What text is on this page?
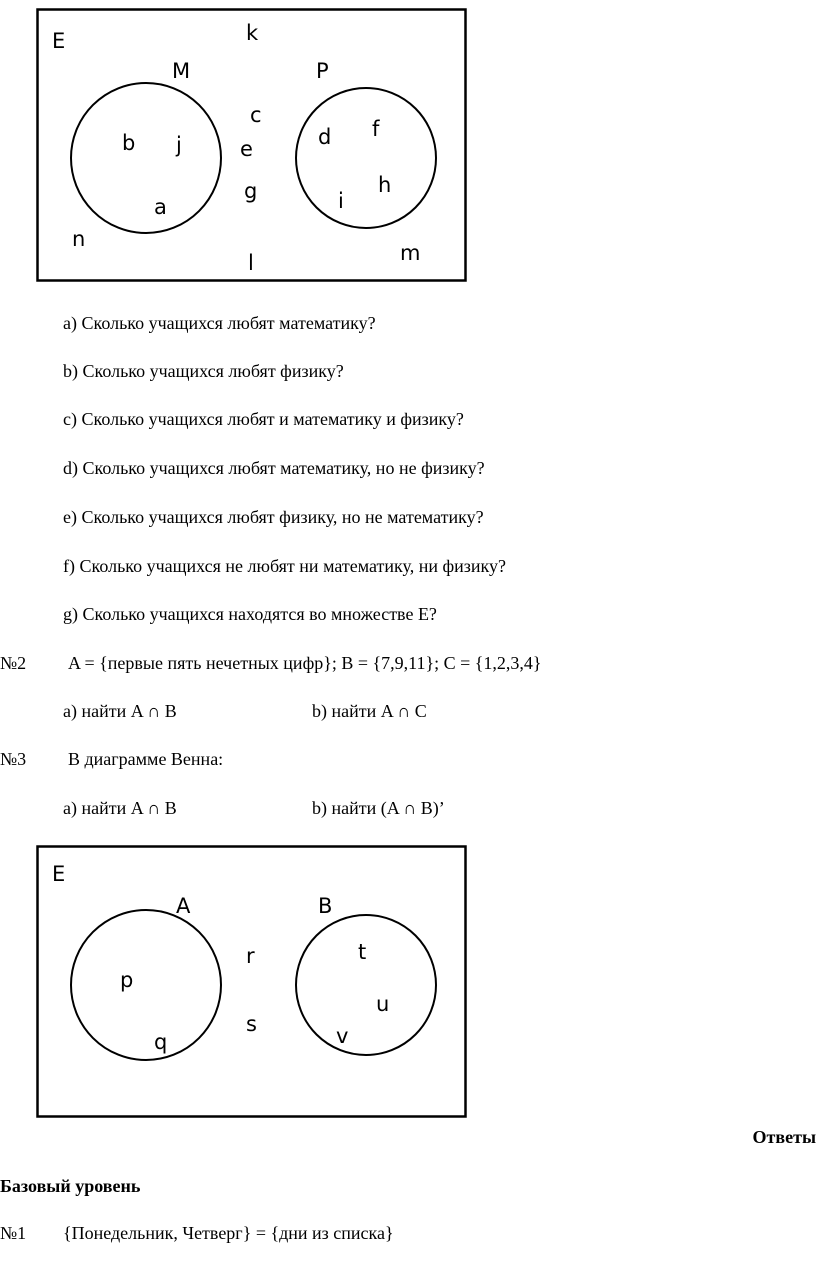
E
M	P
k
n
l	m
b j
a
c
e
g
d f
h
i
a) Сколько учащихся любят математику?
b) Сколько учащихся любят физику?
c) Сколько учащихся любят и математику и физику?
d) Сколько учащихся любят математику, но не физику?
e) Сколько учащихся любят физику, но не математику?
f) Сколько учащихся не любят ни математику, ни физику?
g) Сколько учащихся находятся во множестве E?
№2 A = {первые пять нечетных цифр}; B = {7,9,11}; C = {1,2,3,4}
a) найти A ∩ B	b) найти A ∩ C
№3 В диаграмме Венна:
a) найти A ∩ B	b) найти (A ∩ B)’
E
A	B
p
q
r
s
t
u
v
Ответы
Базовый уровень
№1 {Понедельник, Четверг} = {дни из списка}
